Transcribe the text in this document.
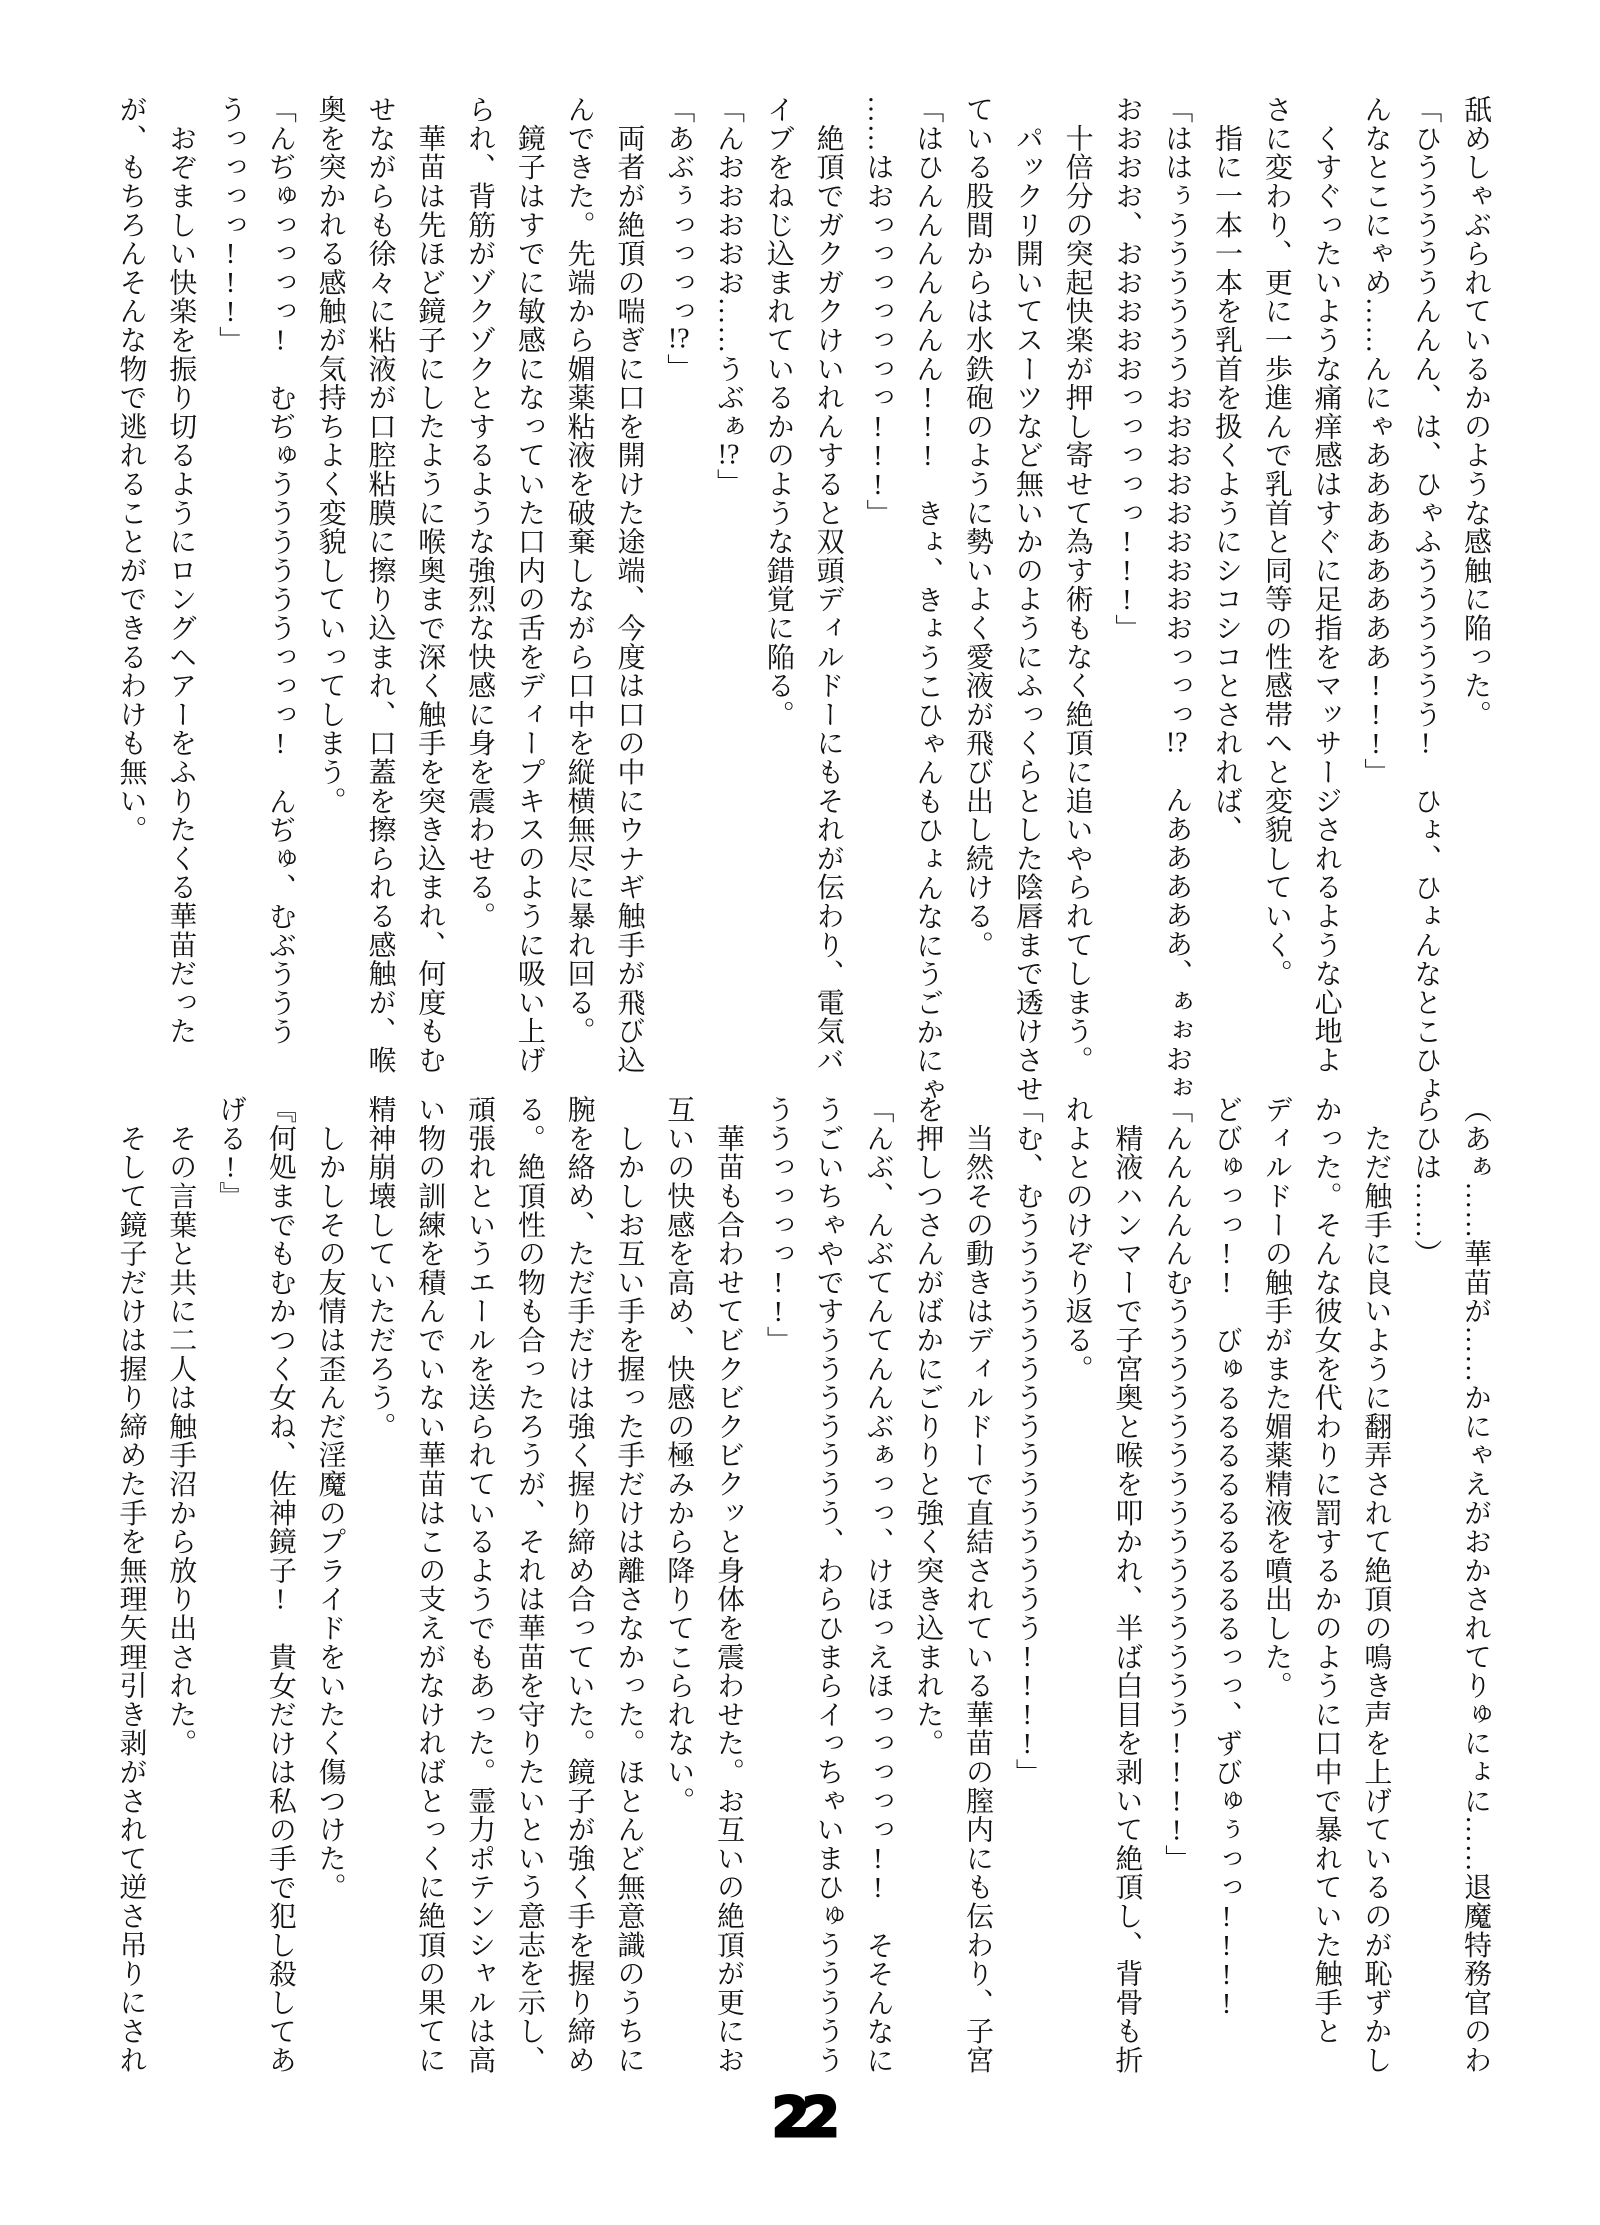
舐めしゃぶられているかのような感触に陥った。

「ひうううううんんん、は、ひゃふうううううう!　ひょ、ひょんなとこひょ

んなとこにゃめ……んにゃああああああああ!!!」

　くすぐったいような痛痒感はすぐに足指をマッサージされるような心地よ

さに変わり、更に一歩進んで乳首と同等の性感帯へと変貌していく。

　指に一本一本を乳首を扱くようにシコシコとされれば、

「ははぅううううううおおおおおおおおおっっっ!?　んあああああ、ぁぉおぉ

おおおお、おおおおおっっっっっ!!!」

　十倍分の突起快楽が押し寄せて為す術もなく絶頂に追いやられてしまう。

　パックリ開いてスーツなど無いかのようにふっくらとした陰唇まで透けさせ

ている股間からは水鉄砲のように勢いよく愛液が飛び出し続ける。

「はひんんんんんんん!!!　きょ、きょうこひゃんもひょんなにうごかにゃ

……はおっっっっっっっ!!!」

　絶頂でガクガクけいれんすると双頭ディルドーにもそれが伝わり、電気バ

イブをねじ込まれているかのような錯覚に陥る。

「んおおおおお……うぶぁ!?」

「あぶぅっっっっ!?」

　両者が絶頂の喘ぎに口を開けた途端、今度は口の中にウナギ触手が飛び込

んできた。先端から媚薬粘液を破棄しながら口中を縦横無尽に暴れ回る。

　鏡子はすでに敏感になっていた口内の舌をディープキスのように吸い上げ

られ、背筋がゾクゾクとするような強烈な快感に身を震わせる。

　華苗は先ほど鏡子にしたように喉奥まで深く触手を突き込まれ、何度もむ

せながらも徐々に粘液が口腔粘膜に擦り込まれ、口蓋を擦られる感触が、喉

奥を突かれる感触が気持ちよく変貌していってしまう。

「んぢゅっっっっ!　むぢゅううううううっっっ!　んぢゅ、むぶううう

うっっっっ!!!」

　おぞましい快楽を振り切るようにロングヘアーをふりたくる華苗だった

が、もちろんそんな物で逃れることができるわけも無い。

（あぁ……華苗が……かにゃえがおかされてりゅにょに……退魔特務官のわ

らひは……）

　ただ触手に良いように翻弄されて絶頂の鳴き声を上げているのが恥ずかし

かった。そんな彼女を代わりに罰するかのように口中で暴れていた触手と

ディルドーの触手がまた媚薬精液を噴出した。

どびゅっっ!!　びゅるるるるるるるるるっっ、ずびゅぅっっ!!!!

「んんんんんむううううううううううううううう!!!!」

　精液ハンマーで子宮奥と喉を叩かれ、半ば白目を剥いて絶頂し、背骨も折

れよとのけぞり返る。

「む、むううううううううううううううう!!!!」

　当然その動きはディルドーで直結されている華苗の膣内にも伝わり、子宮

を押しつさんがばかにごりりと強く突き込まれた。

「んぶ、んぶてんてんんぶぁっっ、けほっえほっっっっっ!!　そそんなに

うごいちゃやですううううううう、わらひまらイっちゃいまひゅううううう

ううっっっっ!!」

　華苗も合わせてビクビクビクッと身体を震わせた。お互いの絶頂が更にお

互いの快感を高め、快感の極みから降りてこられない。

　しかしお互い手を握った手だけは離さなかった。ほとんど無意識のうちに

腕を絡め、ただ手だけは強く握り締め合っていた。鏡子が強く手を握り締め

る。絶頂性の物も合ったろうが、それは華苗を守りたいという意志を示し、

頑張れというエールを送られているようでもあった。霊力ポテンシャルは高

い物の訓練を積んでいない華苗はこの支えがなければとっくに絶頂の果てに

精神崩壊していただろう。

　しかしその友情は歪んだ淫魔のプライドをいたく傷つけた。

『何処までもむかつく女ね、佐神鏡子!　貴女だけは私の手で犯し殺してあ

げる!』

　その言葉と共に二人は触手沼から放り出された。

　そして鏡子だけは握り締めた手を無理矢理引き剥がされて逆さ吊りにされ

22
